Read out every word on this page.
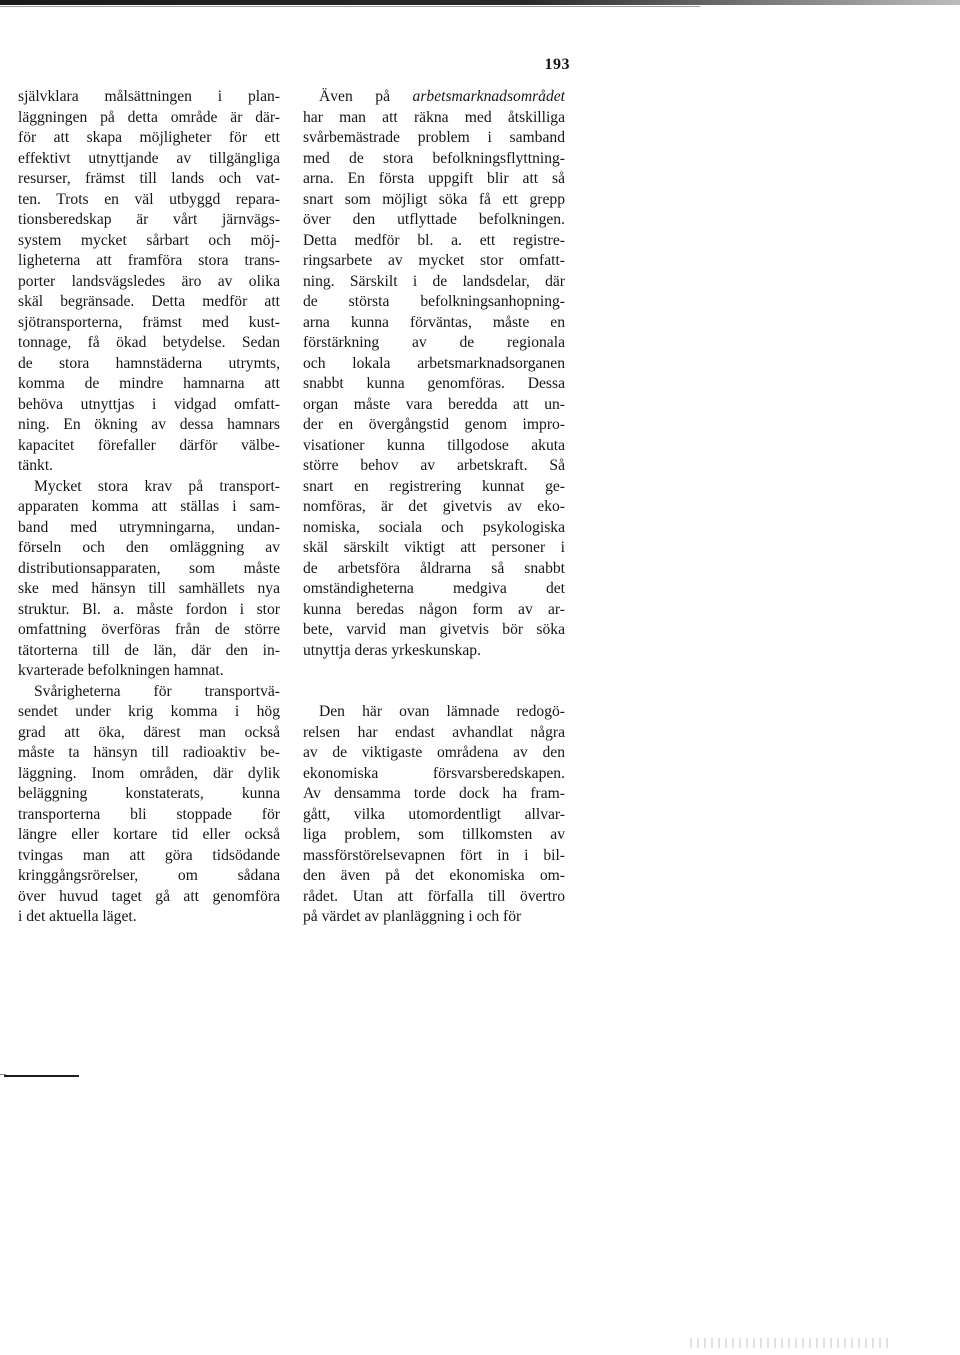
193
självklara målsättningen i plan-
läggningen på detta område är där-
för att skapa möjligheter för ett
effektivt utnyttjande av tillgängliga
resurser, främst till lands och vat-
ten. Trots en väl utbyggd repara-
tionsberedskap är vårt järnvägs-
system mycket sårbart och möj-
ligheterna att framföra stora trans-
porter landsvägsledes äro av olika
skäl begränsade. Detta medför att
sjötransporterna, främst med kust-
tonnage, få ökad betydelse. Sedan
de stora hamnstäderna utrymts,
komma de mindre hamnarna att
behöva utnyttjas i vidgad omfatt-
ning. En ökning av dessa hamnars
kapacitet förefaller därför välbe-
tänkt.
Mycket stora krav på transport-
apparaten komma att ställas i sam-
band med utrymningarna, undan-
förseln och den omläggning av
distributionsapparaten, som måste
ske med hänsyn till samhällets nya
struktur. Bl. a. måste fordon i stor
omfattning överföras från de större
tätorterna till de län, där den in-
kvarterade befolkningen hamnat.
Svårigheterna för transportvä-
sendet under krig komma i hög
grad att öka, därest man också
måste ta hänsyn till radioaktiv be-
läggning. Inom områden, där dylik
beläggning konstaterats, kunna
transporterna bli stoppade för
längre eller kortare tid eller också
tvingas man att göra tidsödande
kringgångsrörelser, om sådana
över huvud taget gå att genomföra
i det aktuella läget.
Även på arbetsmarknadsområdet
har man att räkna med åtskilliga
svårbemästrade problem i samband
med de stora befolkningsflyttning-
arna. En första uppgift blir att så
snart som möjligt söka få ett grepp
över den utflyttade befolkningen.
Detta medför bl. a. ett registre-
ringsarbete av mycket stor omfatt-
ning. Särskilt i de landsdelar, där
de största befolkningsanhopning-
arna kunna förväntas, måste en
förstärkning av de regionala
och lokala arbetsmarknadsorganen
snabbt kunna genomföras. Dessa
organ måste vara beredda att un-
der en övergångstid genom impro-
visationer kunna tillgodose akuta
större behov av arbetskraft. Så
snart en registrering kunnat ge-
nomföras, är det givetvis av eko-
nomiska, sociala och psykologiska
skäl särskilt viktigt att personer i
de arbetsföra åldrarna så snabbt
omständigheterna medgiva det
kunna beredas någon form av ar-
bete, varvid man givetvis bör söka
utnyttja deras yrkeskunskap.
Den här ovan lämnade redogö-
relsen har endast avhandlat några
av de viktigaste områdena av den
ekonomiska försvarsberedskapen.
Av densamma torde dock ha fram-
gått, vilka utomordentligt allvar-
liga problem, som tillkomsten av
massförstörelsevapnen fört in i bil-
den även på det ekonomiska om-
rådet. Utan att förfalla till övertro
på värdet av planläggning i och för
